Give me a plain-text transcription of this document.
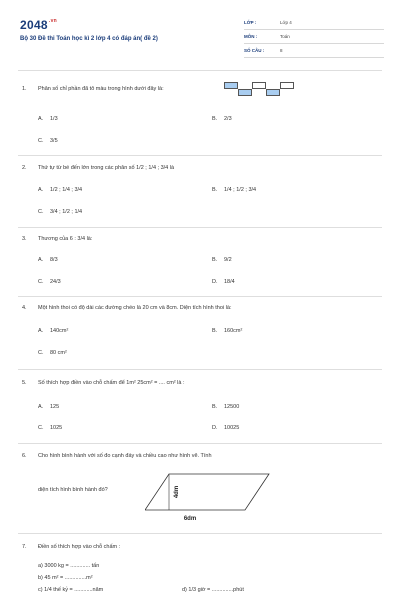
$2048^{.vn}$
Bộ 30 Đề thi Toán học kì 2 lớp 4 có đáp án( đề 2)
LỚP :	Lớp 4
MÔN :	Toán
SỐ CÂU :	8
1. Phân số chỉ phần đã tô màu trong hình dưới đây là:
A. 1/3	B. 2/3
C. 3/5
2. Thứ tự từ bé đến lớn trong các phân số 1/2 ; 1/4 ; 3/4 là
A. 1/2 ; 1/4 ; 3/4	B. 1/4 ; 1/2 ; 3/4
C. 3/4 ; 1/2 ; 1/4
3. Thương của 6 : 3/4 là:
A. 8/3	B. 9/2
C. 24/3	D. 18/4
4. Một hình thoi có độ dài các đường chéo là 20 cm và 8cm. Diện tích hình thoi là:
A. 140cm²	B. 160cm²
C. 80 cm²
5. Số thích hợp điền vào chỗ chấm để 1m² 25cm² = .... cm² là :
A. 125	B. 12500
C. 1025	D. 10025
6. Cho hình bình hành với số đo cạnh đáy và chiều cao như hình vẽ. Tính
diện tích hình bình hành đó?	4dm
6dm
7. Điền số thích hợp vào chỗ chấm :
a) 3000 kg = ............. tấn
b) 45 m² = ..............m²
c) 1/4 thế kỷ = ............năm	d) 1/3 giờ = ..............phút
